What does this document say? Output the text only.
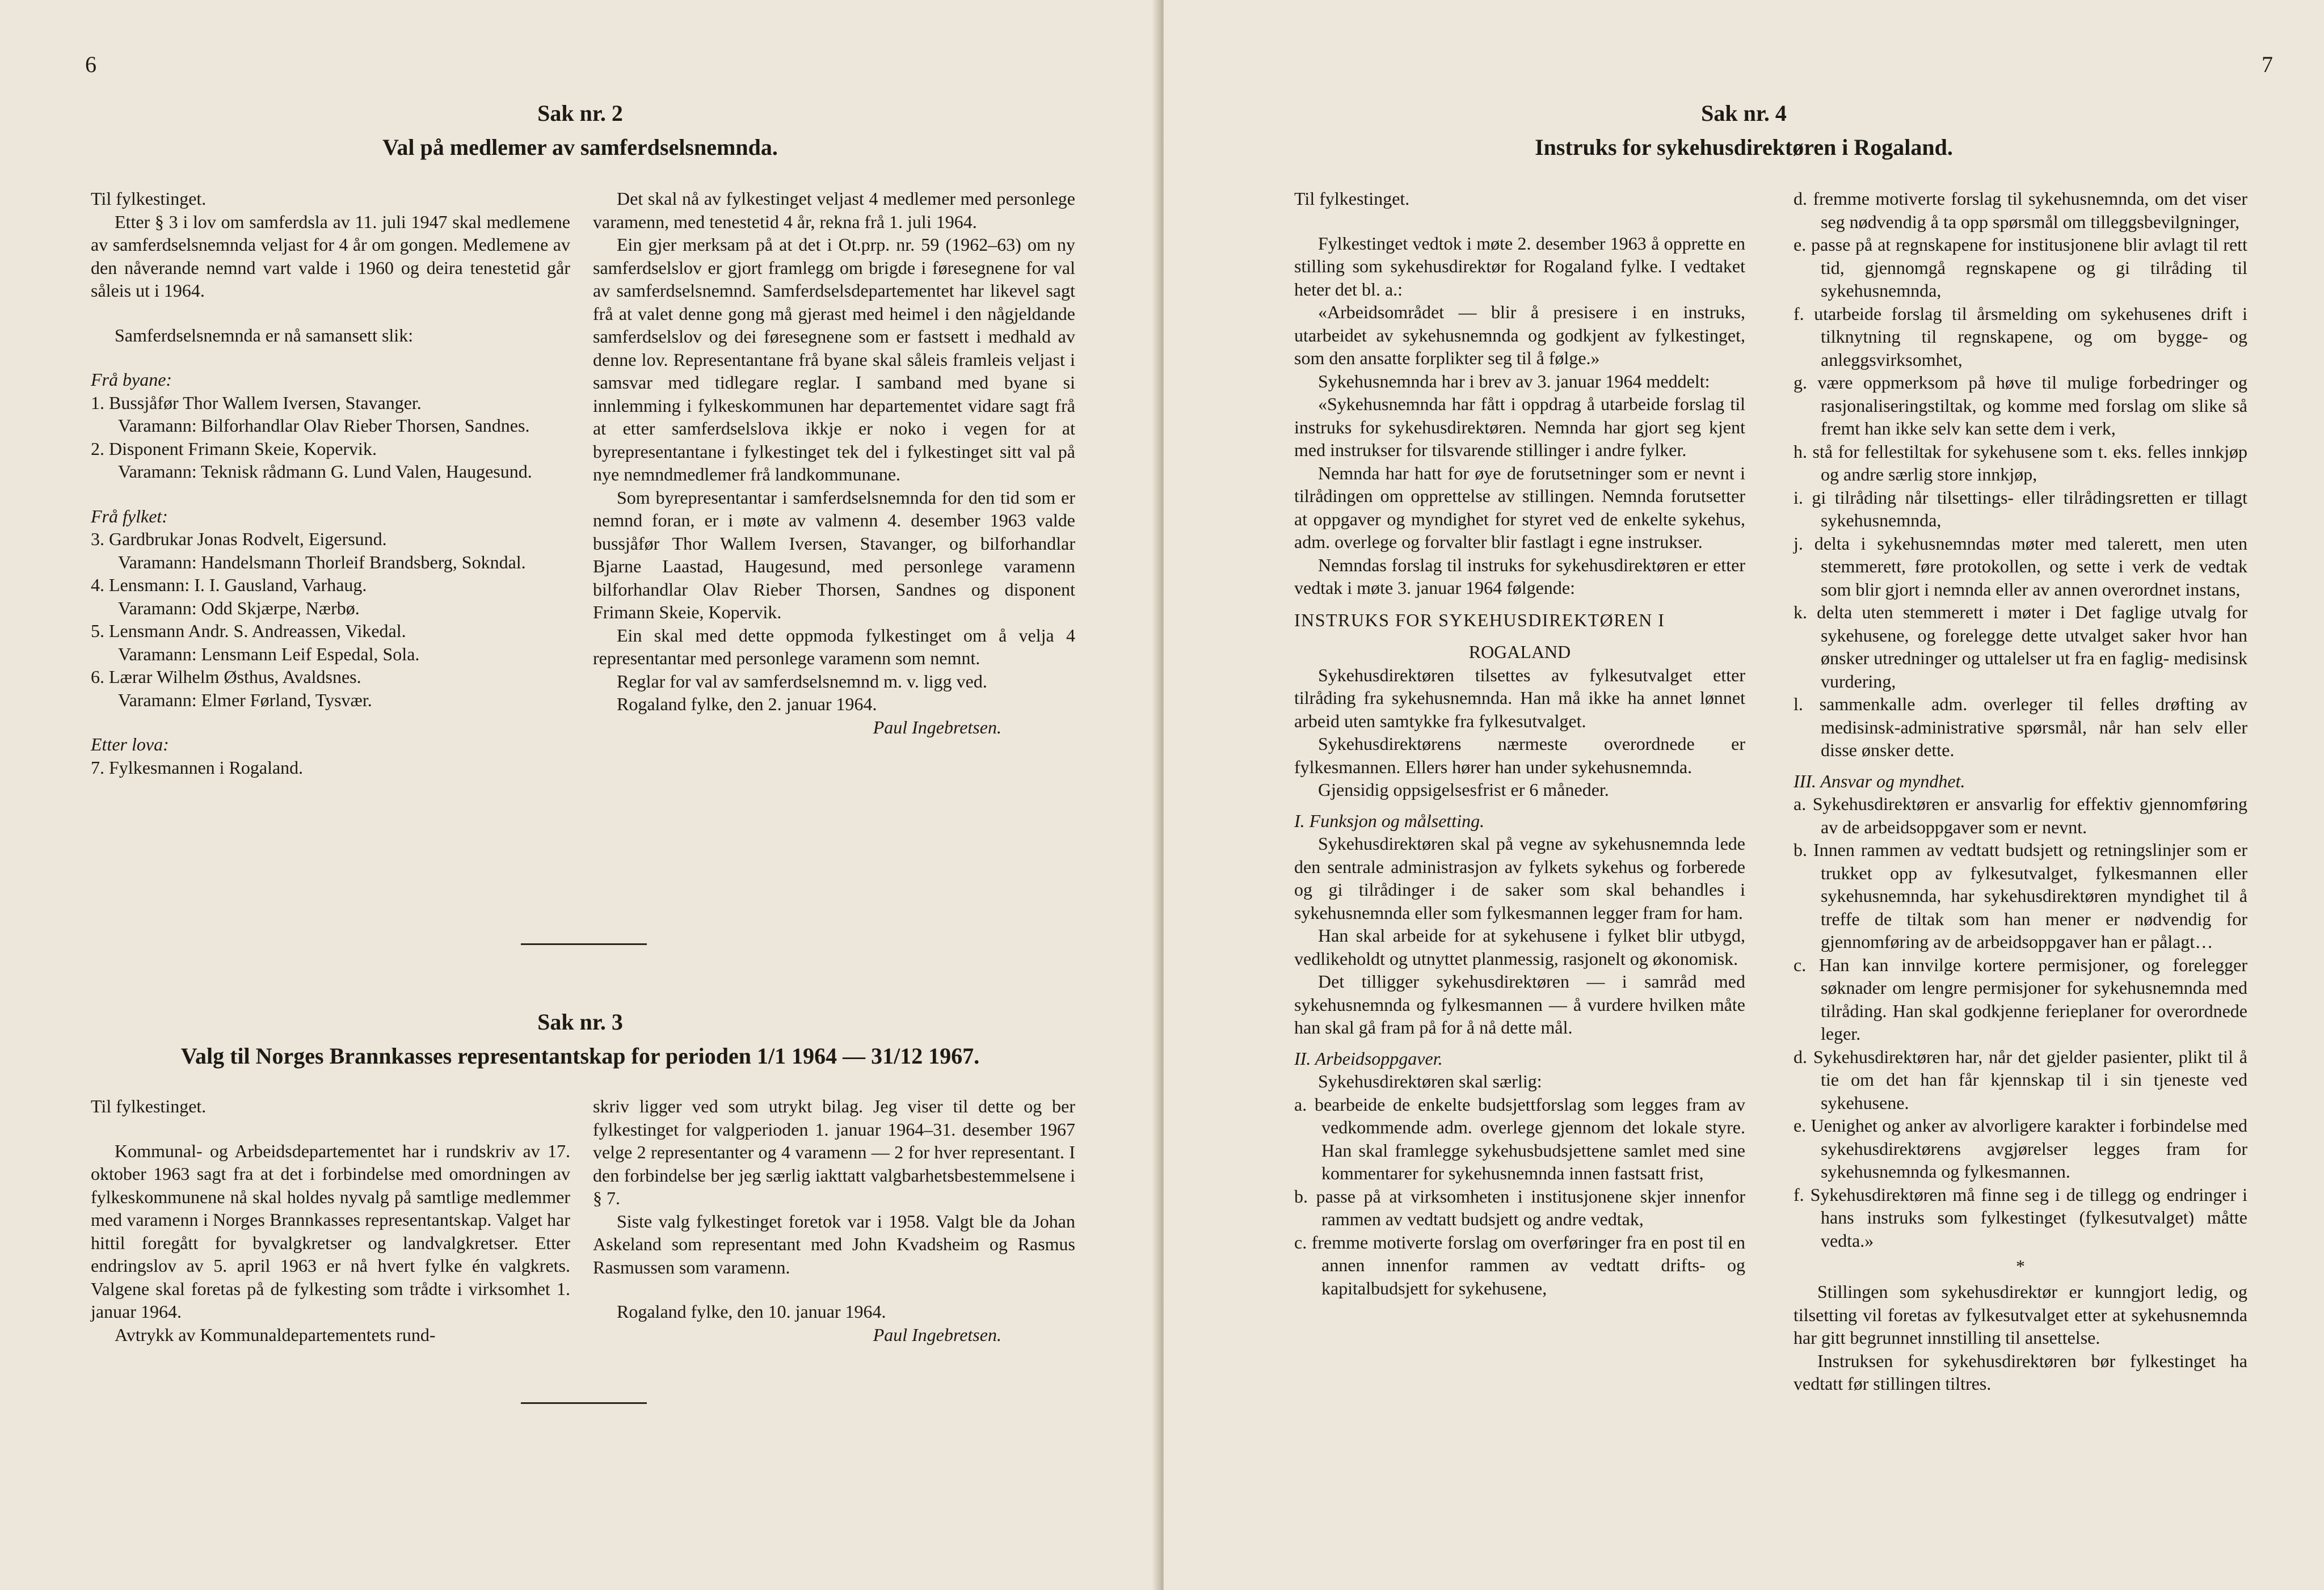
6
Sak nr. 2
Val på medlemer av samferdselsnemnda.

Til fylkestinget.

Etter § 3 i lov om samferdsla av 11. juli 1947 skal medlemene av samferdselsnemnda veljast for 4 år om gongen. Medlemene av den nåverande nemnd vart valde i 1960 og deira tenestetid går såleis ut i 1964.

Samferdselsnemnda er nå samansett slik:

Frå byane:

1. Bussjåfør Thor Wallem Iversen, Stavanger.

Varamann: Bilforhandlar Olav Rieber Thorsen, Sandnes.

2. Disponent Frimann Skeie, Kopervik.

Varamann: Teknisk rådmann G. Lund Valen, Haugesund.

Frå fylket:

3. Gardbrukar Jonas Rodvelt, Eigersund.

Varamann: Handelsmann Thorleif Brandsberg, Sokndal.

4. Lensmann: I. I. Gausland, Varhaug.

Varamann: Odd Skjærpe, Nærbø.

5. Lensmann Andr. S. Andreassen, Vikedal.

Varamann: Lensmann Leif Espedal, Sola.

6. Lærar Wilhelm Østhus, Avaldsnes.

Varamann: Elmer Førland, Tysvær.

Etter lova:

7. Fylkesmannen i Rogaland.

Det skal nå av fylkestinget veljast 4 medlemer med personlege varamenn, med tenestetid 4 år, rekna frå 1. juli 1964.

Ein gjer merksam på at det i Ot.prp. nr. 59 (1962–63) om ny samferdselslov er gjort framlegg om brigde i føresegnene for val av samferdselsnemnd. Samferdselsdepartementet har likevel sagt frå at valet denne gong må gjerast med heimel i den någjeldande samferdselslov og dei føresegnene som er fastsett i medhald av denne lov. Representantane frå byane skal såleis framleis veljast i samsvar med tidlegare reglar. I samband med byane si innlemming i fylkeskommunen har departementet vidare sagt frå at etter samferdselslova ikkje er noko i vegen for at byrepresentantane i fylkestinget tek del i fylkestinget sitt val på nye nemndmedlemer frå landkommunane.

Som byrepresentantar i samferdselsnemnda for den tid som er nemnd foran, er i møte av valmenn 4. desember 1963 valde bussjåfør Thor Wallem Iversen, Stavanger, og bilforhandlar Bjarne Laastad, Haugesund, med personlege varamenn bilforhandlar Olav Rieber Thorsen, Sandnes og disponent Frimann Skeie, Kopervik.

Ein skal med dette oppmoda fylkestinget om å velja 4 representantar med personlege varamenn som nemnt.

Reglar for val av samferdselsnemnd m. v. ligg ved.

Rogaland fylke, den 2. januar 1964.

Paul Ingebretsen.

Sak nr. 3
Valg til Norges Brannkasses representantskap for perioden 1/1 1964 — 31/12 1967.

Til fylkestinget.

Kommunal- og Arbeidsdepartementet har i rundskriv av 17. oktober 1963 sagt fra at det i forbindelse med omordningen av fylkeskommunene nå skal holdes nyvalg på samtlige medlemmer med varamenn i Norges Brannkasses representantskap. Valget har hittil foregått for byvalgkretser og landvalgkretser. Etter endringslov av 5. april 1963 er nå hvert fylke én valgkrets. Valgene skal foretas på de fylkesting som trådte i virksomhet 1. januar 1964.

Avtrykk av Kommunaldepartementets rund-

skriv ligger ved som utrykt bilag. Jeg viser til dette og ber fylkestinget for valgperioden 1. januar 1964–31. desember 1967 velge 2 representanter og 4 varamenn — 2 for hver representant. I den forbindelse ber jeg særlig iakttatt valgbarhetsbestemmelsene i § 7.

Siste valg fylkestinget foretok var i 1958. Valgt ble da Johan Askeland som representant med John Kvadsheim og Rasmus Rasmussen som varamenn.

Rogaland fylke, den 10. januar 1964.

Paul Ingebretsen.

7
Sak nr. 4
Instruks for sykehusdirektøren i Rogaland.

Til fylkestinget.

Fylkestinget vedtok i møte 2. desember 1963 å opprette en stilling som sykehusdirektør for Rogaland fylke. I vedtaket heter det bl. a.:

«Arbeidsområdet — blir å presisere i en instruks, utarbeidet av sykehusnemnda og godkjent av fylkestinget, som den ansatte forplikter seg til å følge.»

Sykehusnemnda har i brev av 3. januar 1964 meddelt:

«Sykehusnemnda har fått i oppdrag å utarbeide forslag til instruks for sykehusdirektøren. Nemnda har gjort seg kjent med instrukser for tilsvarende stillinger i andre fylker.

Nemnda har hatt for øye de forutsetninger som er nevnt i tilrådingen om opprettelse av stillingen. Nemnda forutsetter at oppgaver og myndighet for styret ved de enkelte sykehus, adm. overlege og forvalter blir fastlagt i egne instrukser.

Nemndas forslag til instruks for sykehusdirektøren er etter vedtak i møte 3. januar 1964 følgende:

INSTRUKS FOR SYKEHUSDIREKTØREN I

ROGALAND

Sykehusdirektøren tilsettes av fylkesutvalget etter tilråding fra sykehusnemnda. Han må ikke ha annet lønnet arbeid uten samtykke fra fylkesutvalget.

Sykehusdirektørens nærmeste overordnede er fylkesmannen. Ellers hører han under sykehusnemnda.

Gjensidig oppsigelsesfrist er 6 måneder.

I. Funksjon og målsetting.

Sykehusdirektøren skal på vegne av sykehusnemnda lede den sentrale administrasjon av fylkets sykehus og forberede og gi tilrådinger i de saker som skal behandles i sykehusnemnda eller som fylkesmannen legger fram for ham.

Han skal arbeide for at sykehusene i fylket blir utbygd, vedlikeholdt og utnyttet planmessig, rasjonelt og økonomisk.

Det tilligger sykehusdirektøren — i samråd med sykehusnemnda og fylkesmannen — å vurdere hvilken måte han skal gå fram på for å nå dette mål.

II. Arbeidsoppgaver.

Sykehusdirektøren skal særlig:

a. bearbeide de enkelte budsjettforslag som legges fram av vedkommende adm. overlege gjennom det lokale styre. Han skal framlegge sykehusbudsjettene samlet med sine kommentarer for sykehusnemnda innen fastsatt frist,

b. passe på at virksomheten i institusjonene skjer innenfor rammen av vedtatt budsjett og andre vedtak,

c. fremme motiverte forslag om overføringer fra en post til en annen innenfor rammen av vedtatt drifts- og kapitalbudsjett for sykehusene,

d. fremme motiverte forslag til sykehusnemnda, om det viser seg nødvendig å ta opp spørsmål om tilleggsbevilgninger,

e. passe på at regnskapene for institusjonene blir avlagt til rett tid, gjennomgå regnskapene og gi tilråding til sykehusnemnda,

f. utarbeide forslag til årsmelding om sykehusenes drift i tilknytning til regnskapene, og om bygge- og anleggsvirksomhet,

g. være oppmerksom på høve til mulige forbedringer og rasjonaliseringstiltak, og komme med forslag om slike så fremt han ikke selv kan sette dem i verk,

h. stå for fellestiltak for sykehusene som t. eks. felles innkjøp og andre særlig store innkjøp,

i. gi tilråding når tilsettings- eller tilrådingsretten er tillagt sykehusnemnda,

j. delta i sykehusnemndas møter med talerett, men uten stemmerett, føre protokollen, og sette i verk de vedtak som blir gjort i nemnda eller av annen overordnet instans,

k. delta uten stemmerett i møter i Det faglige utvalg for sykehusene, og forelegge dette utvalget saker hvor han ønsker utredninger og uttalelser ut fra en faglig- medisinsk vurdering,

l. sammenkalle adm. overleger til felles drøfting av medisinsk-administrative spørsmål, når han selv eller disse ønsker dette.

III. Ansvar og myndhet.

a. Sykehusdirektøren er ansvarlig for effektiv gjennomføring av de arbeidsoppgaver som er nevnt.

b. Innen rammen av vedtatt budsjett og retningslinjer som er trukket opp av fylkesutvalget, fylkesmannen eller sykehusnemnda, har sykehusdirektøren myndighet til å treffe de tiltak som han mener er nødvendig for gjennomføring av de arbeidsoppgaver han er pålagt…

c. Han kan innvilge kortere permisjoner, og forelegger søknader om lengre permisjoner for sykehusnemnda med tilråding. Han skal godkjenne ferieplaner for overordnede leger.

d. Sykehusdirektøren har, når det gjelder pasienter, plikt til å tie om det han får kjennskap til i sin tjeneste ved sykehusene.

e. Uenighet og anker av alvorligere karakter i forbindelse med sykehusdirektørens avgjørelser legges fram for sykehusnemnda og fylkesmannen.

f. Sykehusdirektøren må finne seg i de tillegg og endringer i hans instruks som fylkestinget (fylkesutvalget) måtte vedta.»

*

Stillingen som sykehusdirektør er kunngjort ledig, og tilsetting vil foretas av fylkesutvalget etter at sykehusnemnda har gitt begrunnet innstilling til ansettelse.

Instruksen for sykehusdirektøren bør fylkestinget ha vedtatt før stillingen tiltres.
